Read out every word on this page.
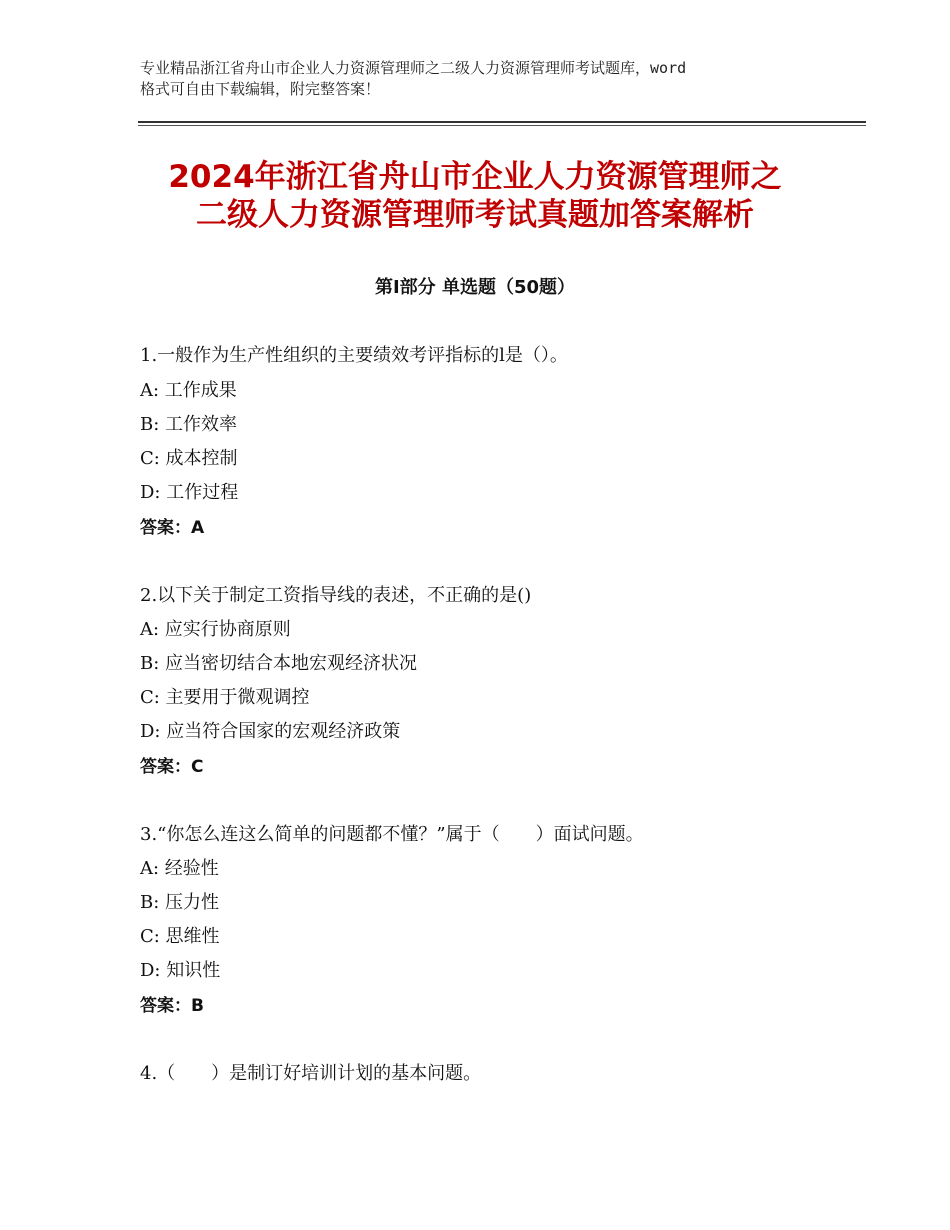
专业精品浙江省舟山市企业人力资源管理师之二级人力资源管理师考试题库，word
格式可自由下载编辑，附完整答案！
2024年浙江省舟山市企业人力资源管理师之
二级人力资源管理师考试真题加答案解析
第Ⅰ部分 单选题（50题）
1.一般作为生产性组织的主要绩效考评指标的l是（）。
A: 工作成果
B: 工作效率
C: 成本控制
D: 工作过程
答案：A
2.以下关于制定工资指导线的表述，不正确的是()
A: 应实行协商原则
B: 应当密切结合本地宏观经济状况
C: 主要用于微观调控
D: 应当符合国家的宏观经济政策
答案：C
3.“你怎么连这么简单的问题都不懂？”属于（　　）面试问题。
A: 经验性
B: 压力性
C: 思维性
D: 知识性
答案：B
4.（　　）是制订好培训计划的基本问题。
